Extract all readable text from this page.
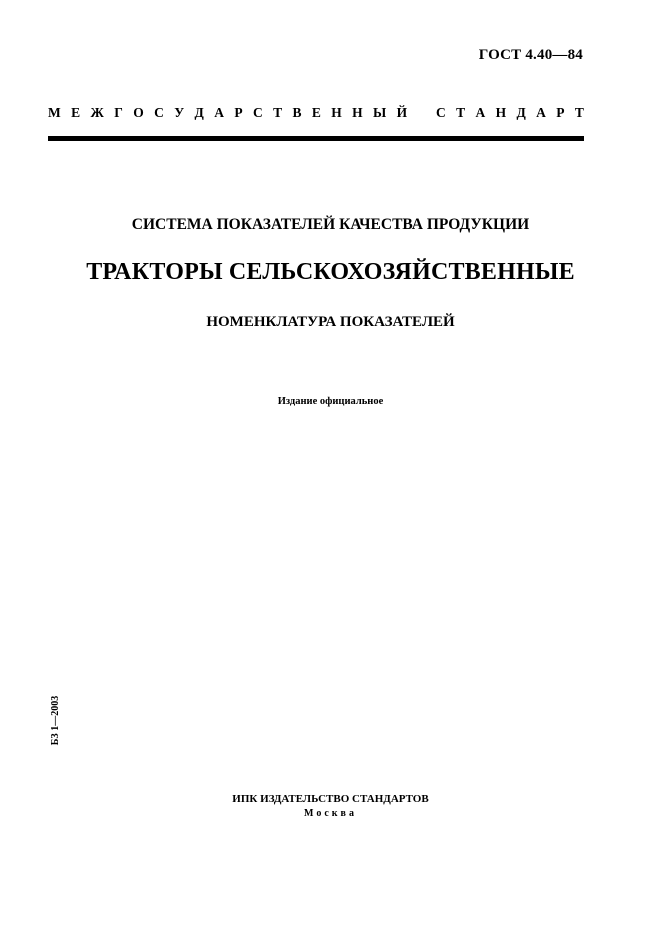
ГОСТ 4.40—84
М Е Ж Г О С У Д А Р С Т В Е Н Н Ы Й С Т А Н Д А Р Т
СИСТЕМА ПОКАЗАТЕЛЕЙ КАЧЕСТВА ПРОДУКЦИИ
ТРАКТОРЫ СЕЛЬСКОХОЗЯЙСТВЕННЫЕ
НОМЕНКЛАТУРА ПОКАЗАТЕЛЕЙ
Издание официальное
БЗ 1—2003
ИПК ИЗДАТЕЛЬСТВО СТАНДАРТОВ
Москва
